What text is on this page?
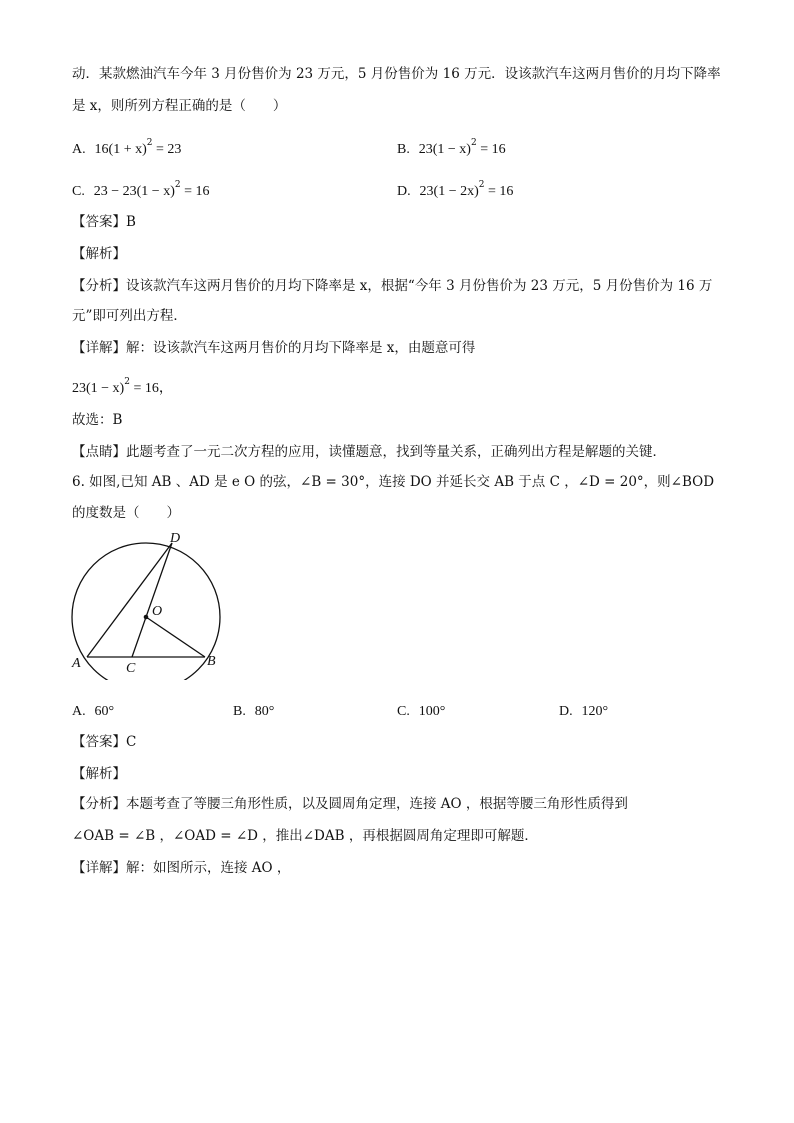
动．某款燃油汽车今年 3 月份售价为 23 万元，5 月份售价为 16 万元．设该款汽车这两月售价的月均下降率
是 x，则所列方程正确的是（　　）
A. $16(1 + x)^2 = 23$	B. $23(1 - x)^2 = 16$
C. $23 - 23(1 - x)^2 = 16$	D. $23(1 - 2x)^2 = 16$
【答案】B
【解析】
【分析】设该款汽车这两月售价的月均下降率是 x，根据“今年 3 月份售价为 23 万元，5 月份售价为 16 万
元”即可列出方程．
【详解】解：设该款汽车这两月售价的月均下降率是 x，由题意可得
$23(1 - x)^2 = 16$，
故选：B
【点睛】此题考查了一元二次方程的应用，读懂题意，找到等量关系，正确列出方程是解题的关键．
6. 如图,已知 AB 、AD 是 e O 的弦，∠B = 30°，连接 DO 并延长交 AB 于点 C ，∠D = 20°，则∠BOD
的度数是（　　）
D
O
A	C	B
A. 60°	B. 80°	C. 100°	D. 120°
【答案】C
【解析】
【分析】本题考查了等腰三角形性质，以及圆周角定理，连接 AO ，根据等腰三角形性质得到
∠OAB = ∠B ，∠OAD = ∠D ，推出∠DAB ，再根据圆周角定理即可解题．
【详解】解：如图所示，连接 AO ，
